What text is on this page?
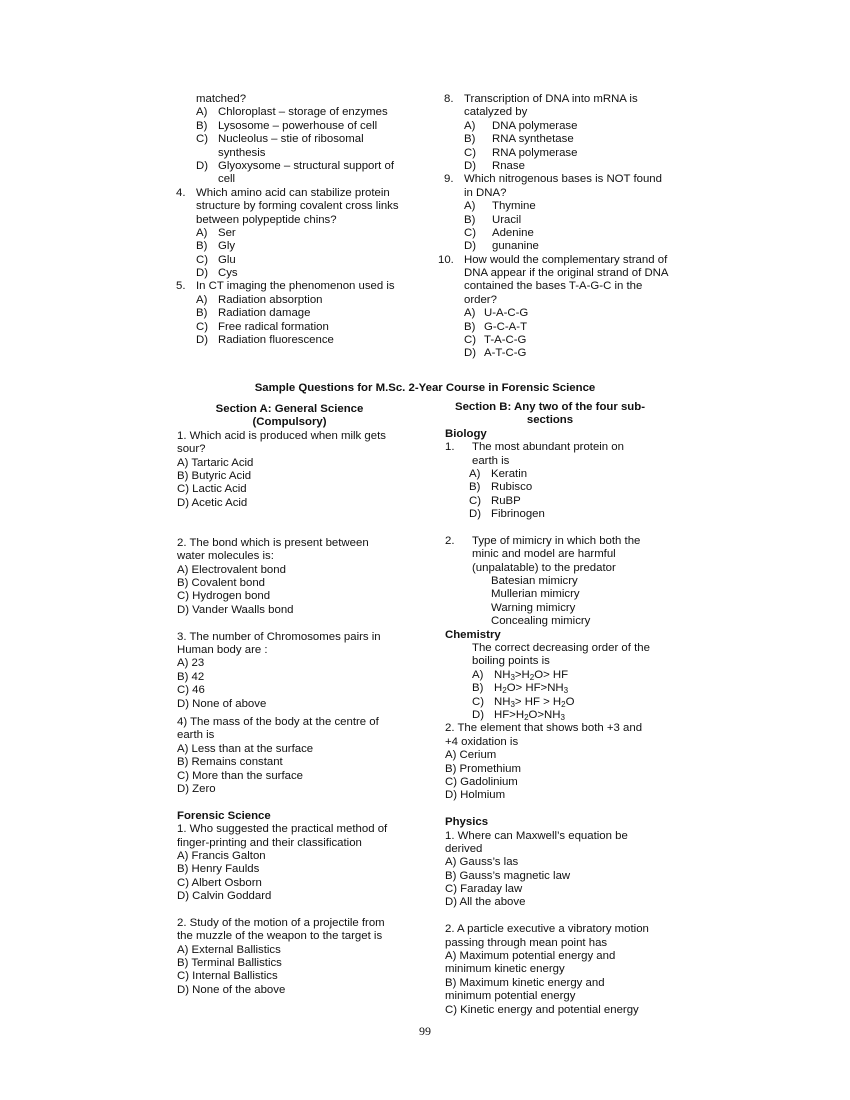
matched?
A) Chloroplast – storage of enzymes
B) Lysosome – powerhouse of cell
C) Nucleolus – stie of ribosomal
synthesis
D) Glyoxysome – structural support of
cell
4. Which amino acid can stabilize protein
structure by forming covalent cross links
between polypeptide chins?
A) Ser
B) Gly
C) Glu
D) Cys
5. In CT imaging the phenomenon used is
A) Radiation absorption
B) Radiation damage
C) Free radical formation
D) Radiation fluorescence
8. Transcription of DNA into mRNA is
catalyzed by
A) DNA polymerase
B) RNA synthetase
C) RNA polymerase
D) Rnase
9. Which nitrogenous bases is NOT found
in DNA?
A) Thymine
B) Uracil
C) Adenine
D) gunanine
10. How would the complementary strand of
DNA appear if the original strand of DNA
contained the bases T-A-G-C in the
order?
A) U-A-C-G
B) G-C-A-T
C) T-A-C-G
D) A-T-C-G
Sample Questions for M.Sc. 2-Year Course in Forensic Science
Section A: General Science
(Compulsory)
1. Which acid is produced when milk gets
sour?
A) Tartaric Acid
B) Butyric Acid
C) Lactic Acid
D) Acetic Acid
2. The bond which is present between
water molecules is:
A) Electrovalent bond
B) Covalent bond
C) Hydrogen bond
D) Vander Waalls bond
3. The number of Chromosomes pairs in
Human body are :
A) 23
B) 42
C) 46
D) None of above
4) The mass of the body at the centre of
earth is
A) Less than at the surface
B) Remains constant
C) More than the surface
D) Zero
Forensic Science
1. Who suggested the practical method of
finger-printing and their classification
A) Francis Galton
B) Henry Faulds
C) Albert Osborn
D) Calvin Goddard
2. Study of the motion of a projectile from
the muzzle of the weapon to the target is
A) External Ballistics
B) Terminal Ballistics
C) Internal Ballistics
D) None of the above
Section B: Any two of the four sub-
sections
Biology
1. The most abundant protein on
earth is
A) Keratin
B) Rubisco
C) RuBP
D) Fibrinogen
2. Type of mimicry in which both the
minic and model are harmful
(unpalatable) to the predator
Batesian mimicry
Mullerian mimicry
Warning mimicry
Concealing mimicry
Chemistry
The correct decreasing order of the
boiling points is
A) $NH_3>H_2O>$ HF
B) $H_2O> HF>NH_3$
C) $NH_3>$ HF > $H_2O$
D) $HF>H_2O>NH_3$
2. The element that shows both +3 and
+4 oxidation is
A) Cerium
B) Promethium
C) Gadolinium
D) Holmium
Physics
1. Where can Maxwell’s equation be
derived
A) Gauss’s las
B) Gauss’s magnetic law
C) Faraday law
D) All the above
2. A particle executive a vibratory motion
passing through mean point has
A) Maximum potential energy and
minimum kinetic energy
B) Maximum kinetic energy and
minimum potential energy
C) Kinetic energy and potential energy
99
